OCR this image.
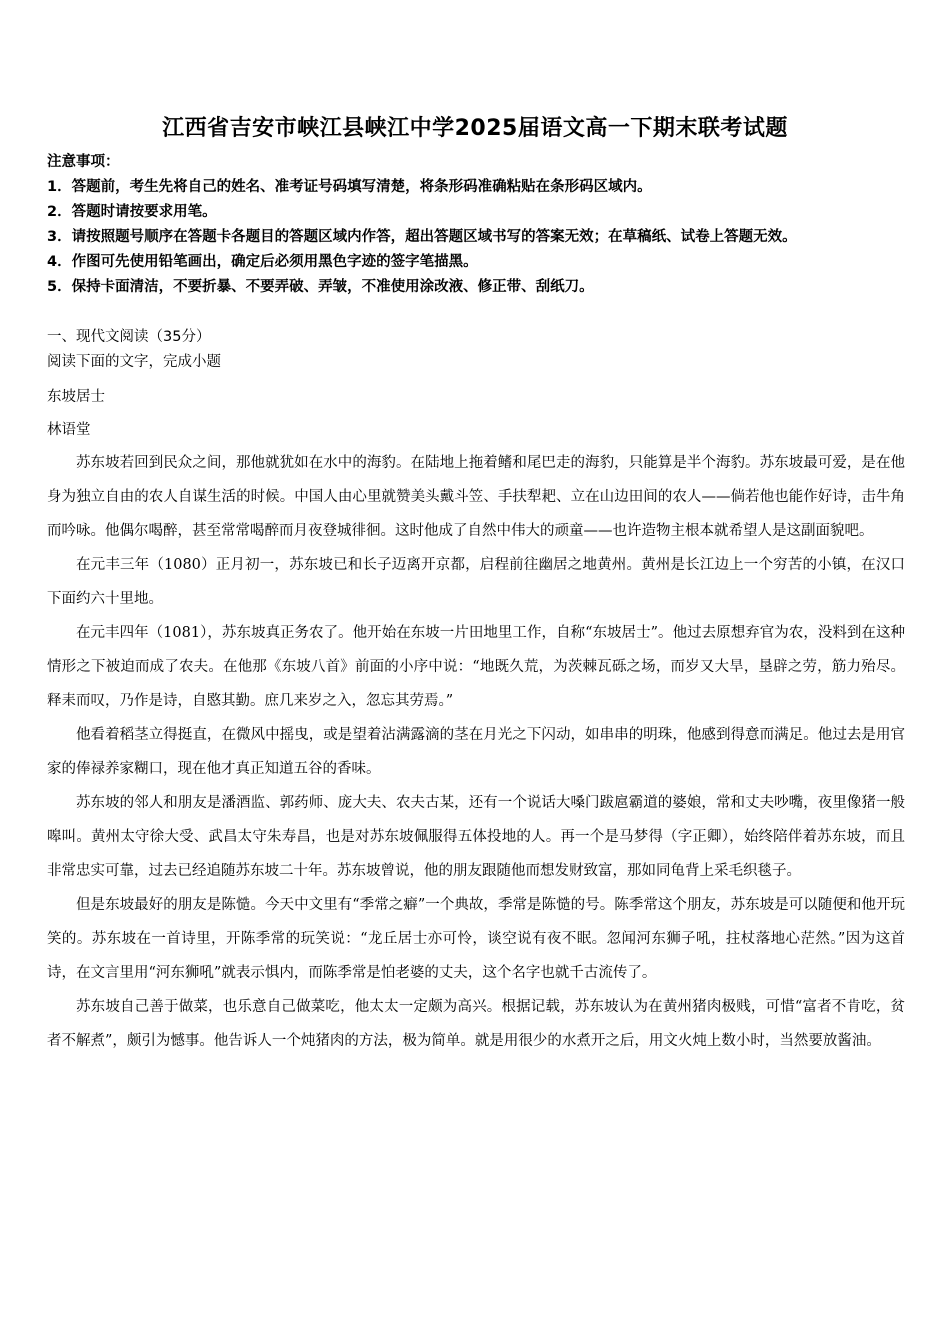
江西省吉安市峡江县峡江中学2025届语文高一下期末联考试题
注意事项：
1．答题前，考生先将自己的姓名、准考证号码填写清楚，将条形码准确粘贴在条形码区域内。
2．答题时请按要求用笔。
3．请按照题号顺序在答题卡各题目的答题区域内作答，超出答题区域书写的答案无效；在草稿纸、试卷上答题无效。
4．作图可先使用铅笔画出，确定后必须用黑色字迹的签字笔描黑。
5．保持卡面清洁，不要折暴、不要弄破、弄皱，不准使用涂改液、修正带、刮纸刀。
一、现代文阅读（35分）
阅读下面的文字，完成小题
东坡居士
林语堂

苏东坡若回到民众之间，那他就犹如在水中的海豹。在陆地上拖着鳍和尾巴走的海豹，只能算是半个海豹。苏东坡最可爱，是在他身为独立自由的农人自谋生活的时候。中国人由心里就赞美头戴斗笠、手扶犁耙、立在山边田间的农人——倘若他也能作好诗，击牛角而吟咏。他偶尔喝醉，甚至常常喝醉而月夜登城徘徊。这时他成了自然中伟大的顽童——也许造物主根本就希望人是这副面貌吧。

在元丰三年（1080）正月初一，苏东坡已和长子迈离开京都，启程前往幽居之地黄州。黄州是长江边上一个穷苦的小镇，在汉口下面约六十里地。

在元丰四年（1081），苏东坡真正务农了。他开始在东坡一片田地里工作，自称“东坡居士”。他过去原想弃官为农，没料到在这种情形之下被迫而成了农夫。在他那《东坡八首》前面的小序中说：“地既久荒，为茨棘瓦砾之场，而岁又大旱，垦辟之劳，筋力殆尽。释耒而叹，乃作是诗，自愍其勤。庶几来岁之入，忽忘其劳焉。”

他看着稻茎立得挺直，在微风中摇曳，或是望着沾满露滴的茎在月光之下闪动，如串串的明珠，他感到得意而满足。他过去是用官家的俸禄养家糊口，现在他才真正知道五谷的香味。

苏东坡的邻人和朋友是潘酒监、郭药师、庞大夫、农夫古某，还有一个说话大嗓门跋扈霸道的婆娘，常和丈夫吵嘴，夜里像猪一般嗥叫。黄州太守徐大受、武昌太守朱寿昌，也是对苏东坡佩服得五体投地的人。再一个是马梦得（字正卿），始终陪伴着苏东坡，而且非常忠实可靠，过去已经追随苏东坡二十年。苏东坡曾说，他的朋友跟随他而想发财致富，那如同龟背上采毛织毯子。

但是东坡最好的朋友是陈慥。今天中文里有“季常之癖”一个典故，季常是陈慥的号。陈季常这个朋友，苏东坡是可以随便和他开玩笑的。苏东坡在一首诗里，开陈季常的玩笑说：“龙丘居士亦可怜，谈空说有夜不眠。忽闻河东狮子吼，拄杖落地心茫然。”因为这首诗，在文言里用“河东狮吼”就表示惧内，而陈季常是怕老婆的丈夫，这个名字也就千古流传了。

苏东坡自己善于做菜，也乐意自己做菜吃，他太太一定颇为高兴。根据记载，苏东坡认为在黄州猪肉极贱，可惜“富者不肯吃，贫者不解煮”，颇引为憾事。他告诉人一个炖猪肉的方法，极为简单。就是用很少的水煮开之后，用文火炖上数小时，当然要放酱油。
